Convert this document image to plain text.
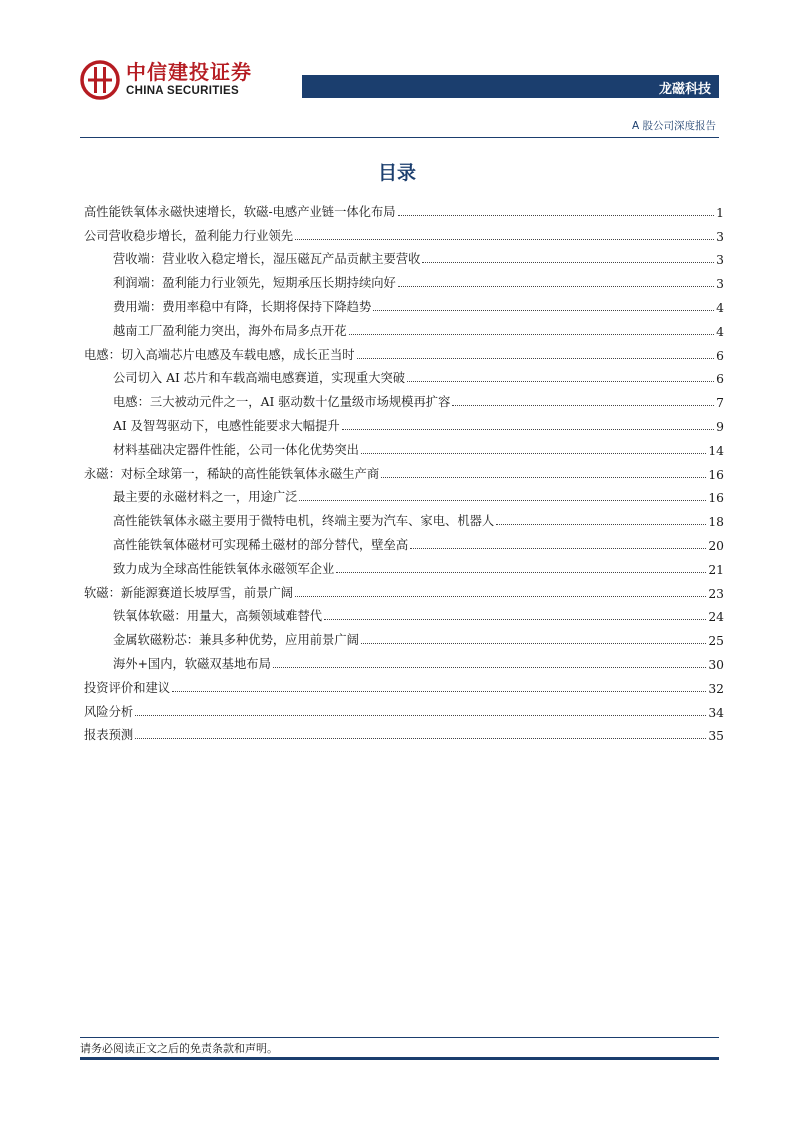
中信建投证券
CHINA SECURITIES	龙磁科技
A 股公司深度报告
目录
高性能铁氧体永磁快速增长，软磁-电感产业链一体化布局	1
公司营收稳步增长，盈利能力行业领先	3
营收端：营业收入稳定增长，湿压磁瓦产品贡献主要营收	3
利润端：盈利能力行业领先，短期承压长期持续向好	3
费用端：费用率稳中有降，长期将保持下降趋势	4
越南工厂盈利能力突出，海外布局多点开花	4
电感：切入高端芯片电感及车载电感，成长正当时	6
公司切入 AI 芯片和车载高端电感赛道，实现重大突破	6
电感：三大被动元件之一，AI 驱动数十亿量级市场规模再扩容	7
AI 及智驾驱动下，电感性能要求大幅提升	9
材料基础决定器件性能，公司一体化优势突出	14
永磁：对标全球第一，稀缺的高性能铁氧体永磁生产商	16
最主要的永磁材料之一，用途广泛	16
高性能铁氧体永磁主要用于微特电机，终端主要为汽车、家电、机器人	18
高性能铁氧体磁材可实现稀土磁材的部分替代，壁垒高	20
致力成为全球高性能铁氧体永磁领军企业	21
软磁：新能源赛道长坡厚雪，前景广阔	23
铁氧体软磁：用量大，高频领域难替代	24
金属软磁粉芯：兼具多种优势，应用前景广阔	25
海外+国内，软磁双基地布局	30
投资评价和建议	32
风险分析	34
报表预测	35
请务必阅读正文之后的免责条款和声明。
